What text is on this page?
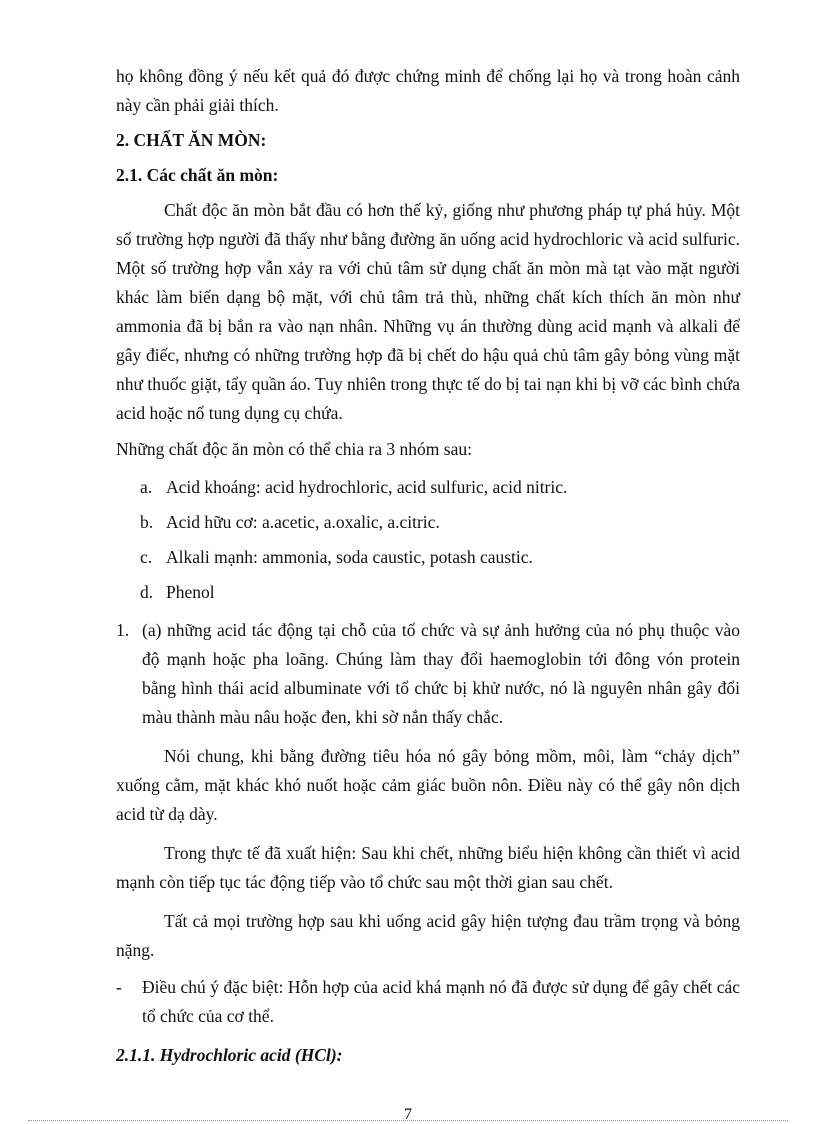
họ không đồng ý nếu kết quả đó được chứng minh để chống lại họ và trong hoàn cảnh này cần phải giải thích.

2. CHẤT ĂN MÒN:

2.1. Các chất ăn mòn:

Chất độc ăn mòn bắt đầu có hơn thế kỷ, giống như phương pháp tự phá hủy. Một số trường hợp người đã thấy như bằng đường ăn uống acid hydrochloric và acid sulfuric. Một số trường hợp vẫn xảy ra với chủ tâm sử dụng chất ăn mòn mà tạt vào mặt người khác làm biến dạng bộ mặt, với chủ tâm trả thù, những chất kích thích ăn mòn như ammonia đã bị bắn ra vào nạn nhân. Những vụ án thường dùng acid mạnh và alkali để gây điếc, nhưng có những trường hợp đã bị chết do hậu quả chủ tâm gây bỏng vùng mặt như thuốc giặt, tẩy quần áo. Tuy nhiên trong thực tế do bị tai nạn khi bị vỡ các bình chứa acid hoặc nổ tung dụng cụ chứa.

Những chất độc ăn mòn có thể chia ra 3 nhóm sau:

a. Acid khoáng: acid hydrochloric, acid sulfuric, acid nitric.
b. Acid hữu cơ: a.acetic, a.oxalic, a.citric.
c. Alkali mạnh: ammonia, soda caustic, potash caustic.
d. Phenol
1. (a) những acid tác động tại chỗ của tổ chức và sự ảnh hưởng của nó phụ thuộc vào độ mạnh hoặc pha loãng. Chúng làm thay đổi haemoglobin tới đông vón protein bằng hình thái acid albuminate với tổ chức bị khử nước, nó là nguyên nhân gây đổi màu thành màu nâu hoặc đen, khi sờ nắn thấy chắc.

Nói chung, khi bằng đường tiêu hóa nó gây bỏng mồm, môi, làm “chảy dịch” xuống cằm, mặt khác khó nuốt hoặc cảm giác buồn nôn. Điều này có thể gây nôn dịch acid từ dạ dày.

Trong thực tế đã xuất hiện: Sau khi chết, những biểu hiện không cần thiết vì acid mạnh còn tiếp tục tác động tiếp vào tổ chức sau một thời gian sau chết.

Tất cả mọi trường hợp sau khi uống acid gây hiện tượng đau trầm trọng và bỏng nặng.

- Điều chú ý đặc biệt: Hỗn hợp của acid khá mạnh nó đã được sử dụng để gây chết các tổ chức của cơ thể.

2.1.1. Hydrochloric acid (HCl):

7
